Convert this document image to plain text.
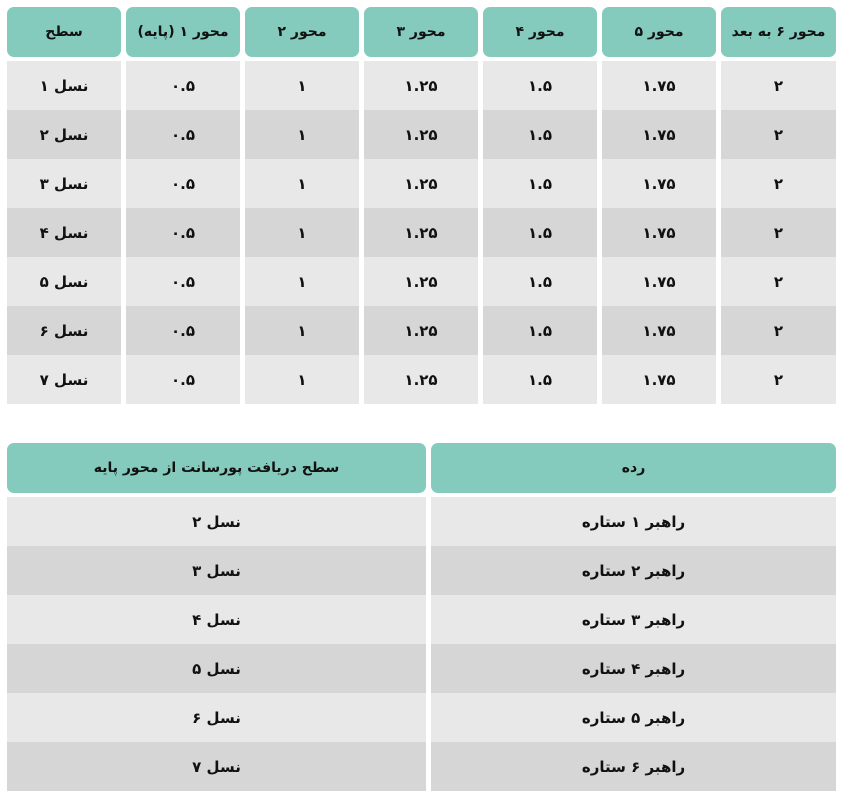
سطح	محور ۱ (پایه)	محور ۲	محور ۳	محور ۴	محور ۵	محور ۶ به بعد
نسل ۱	۰.۵	۱	۱.۲۵	۱.۵	۱.۷۵	۲
نسل ۲	۰.۵	۱	۱.۲۵	۱.۵	۱.۷۵	۲
نسل ۳	۰.۵	۱	۱.۲۵	۱.۵	۱.۷۵	۲
نسل ۴	۰.۵	۱	۱.۲۵	۱.۵	۱.۷۵	۲
نسل ۵	۰.۵	۱	۱.۲۵	۱.۵	۱.۷۵	۲
نسل ۶	۰.۵	۱	۱.۲۵	۱.۵	۱.۷۵	۲
نسل ۷	۰.۵	۱	۱.۲۵	۱.۵	۱.۷۵	۲
سطح دریافت پورسانت از محور پایه	رده
نسل ۲	راهبر ۱ ستاره
نسل ۳	راهبر ۲ ستاره
نسل ۴	راهبر ۳ ستاره
نسل ۵	راهبر ۴ ستاره
نسل ۶	راهبر ۵ ستاره
نسل ۷	راهبر ۶ ستاره
